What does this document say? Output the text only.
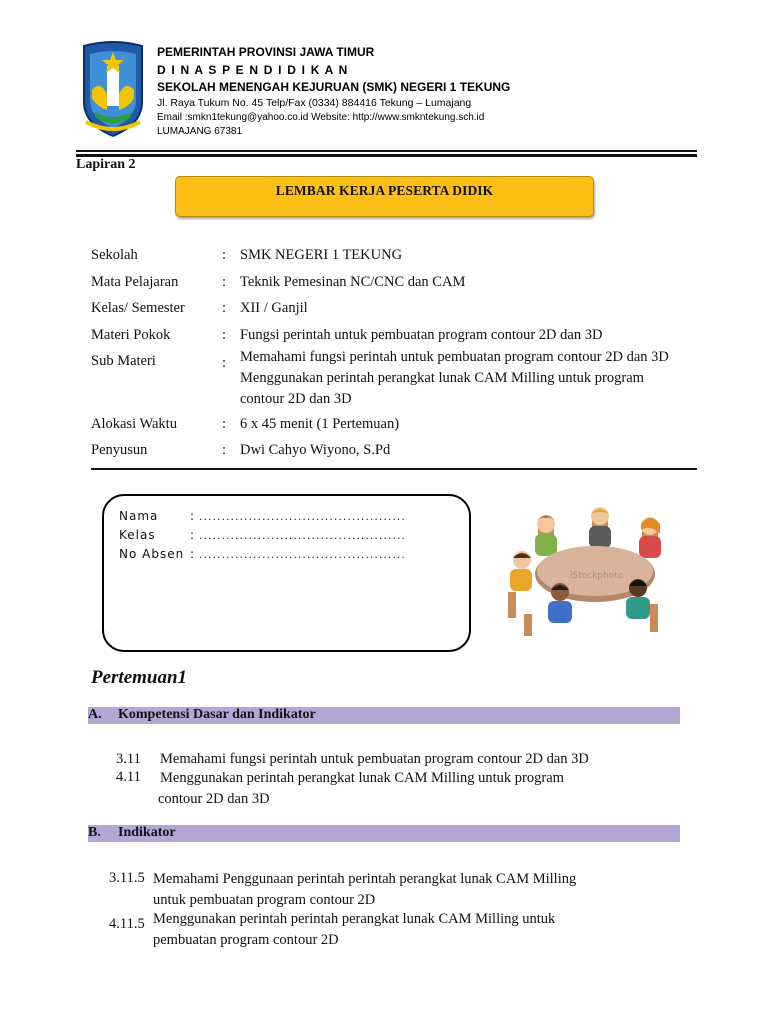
PEMERINTAH PROVINSI JAWA TIMUR
D I N A S P E N D I D I K A N
SEKOLAH MENENGAH KEJURUAN (SMK) NEGERI 1 TEKUNG
Jl. Raya Tukum No. 45 Telp/Fax (0334) 884416 Tekung – Lumajang
Email :smkn1tekung@yahoo.co.id Website: http://www.smkntekung.sch.id
LUMAJANG 67381
Lapiran 2
LEMBAR KERJA PESERTA DIDIK
Sekolah	: SMK NEGERI 1 TEKUNG
Mata Pelajaran	: Teknik Pemesinan NC/CNC dan CAM
Kelas/ Semester	: XII / Ganjil
Materi Pokok	: Fungsi perintah untuk pembuatan program contour 2D dan 3D
Sub Materi	: Memahami fungsi perintah untuk pembuatan program contour 2D dan 3D
Menggunakan perintah perangkat lunak CAM Milling untuk program
contour 2D dan 3D
Alokasi Waktu	: 6 x 45 menit (1 Pertemuan)
Penyusun	: Dwi Cahyo Wiyono, S.Pd
Nama	: ..............................................
Kelas	: ..............................................
No Absen : ..............................................
iStockphoto
Pertemuan1
A. Kompetensi Dasar dan Indikator
3.11 Memahami fungsi perintah untuk pembuatan program contour 2D dan 3D
4.11 Menggunakan perintah perangkat lunak CAM Milling untuk program
contour 2D dan 3D
B. Indikator
3.11.5 Memahami Penggunaan perintah perintah perangkat lunak CAM Milling
untuk pembuatan program contour 2D
4.11.5 Menggunakan perintah perintah perangkat lunak CAM Milling untuk
pembuatan program contour 2D
